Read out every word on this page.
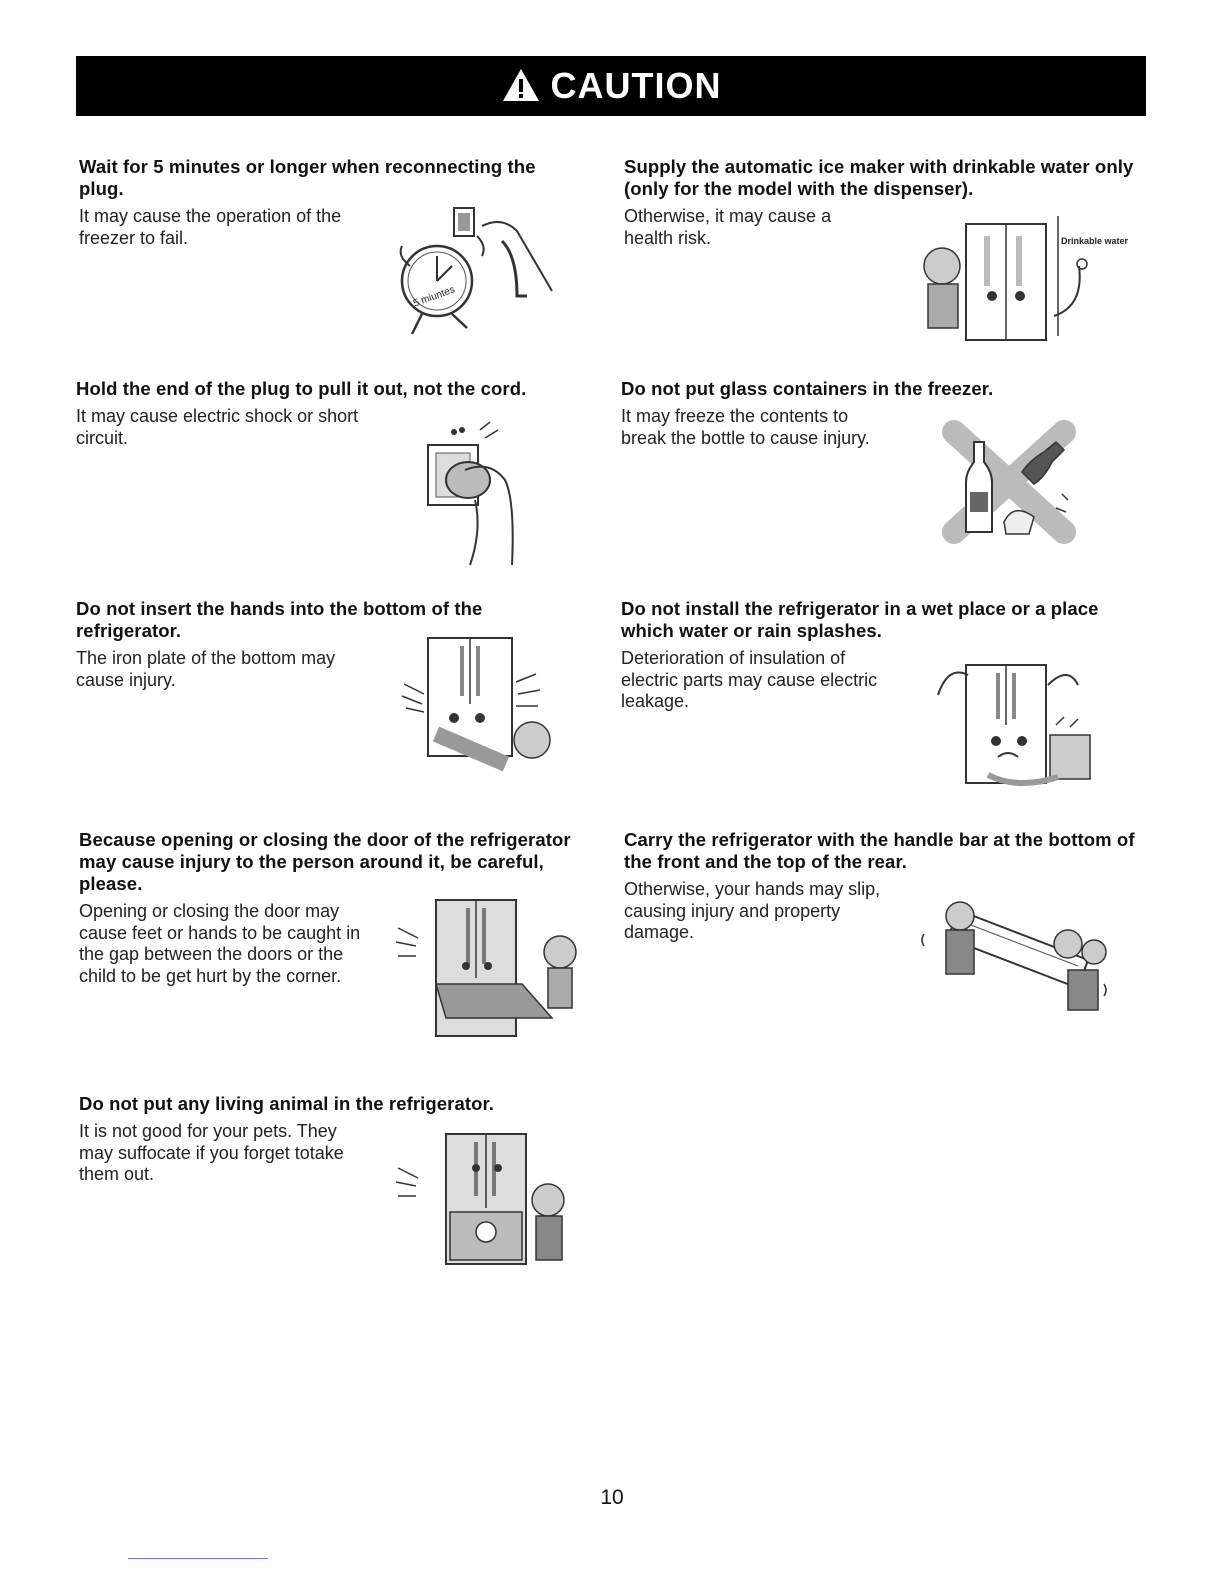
CAUTION
Wait for 5 minutes or longer when reconnecting the plug.

It may cause the operation of the freezer to fail.

5 miuntes
Supply the automatic ice maker with drinkable water only (only for the model with the dispenser).

Otherwise, it may cause a health risk.	Drinkable water
Hold the end of the plug to pull it out, not the cord.

It may cause electric shock or short circuit.

Do not put glass containers in the freezer.

It may freeze the contents to break the bottle to cause injury.

Do not insert the hands into the bottom of the refrigerator.

The iron plate of the bottom may cause injury.

Do not install the refrigerator in a wet place or a place which water or rain splashes.

Deterioration of insulation of electric parts may cause electric leakage.

Because opening or closing the door of the refrigerator may cause injury to the person around it, be careful, please.

Opening or closing the door may cause feet or hands to be caught in the gap between the doors or the child to be get hurt by the corner.

Carry the refrigerator with the handle bar at the bottom of the front and the top of the rear.

Otherwise, your hands may slip, causing injury and property damage.

Do not put any living animal in the refrigerator.

It is not good for your pets. They may suffocate if you forget totake them out.

10
